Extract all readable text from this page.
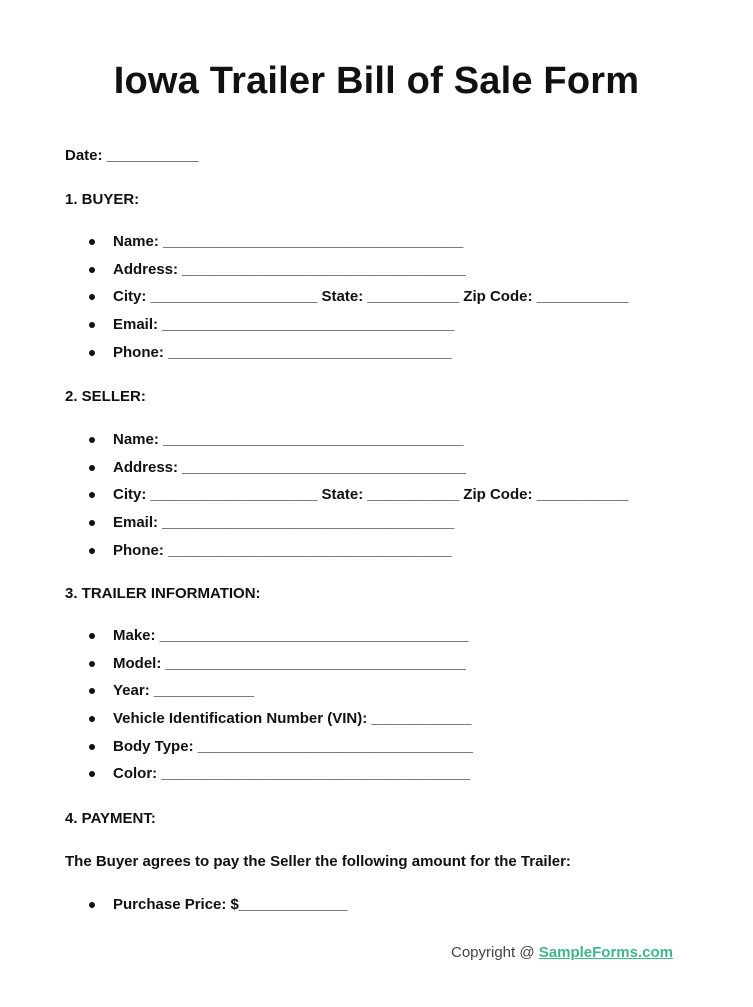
Iowa Trailer Bill of Sale Form
Date: ___________
1. BUYER:
Name: ____________________________________
Address: __________________________________
City: ____________________ State: ___________ Zip Code: ___________
Email: ___________________________________
Phone: __________________________________
2. SELLER:
Name: ____________________________________
Address: __________________________________
City: ____________________ State: ___________ Zip Code: ___________
Email: ___________________________________
Phone: __________________________________
3. TRAILER INFORMATION:
Make: _____________________________________
Model: ____________________________________
Year: ____________
Vehicle Identification Number (VIN): ____________
Body Type: _________________________________
Color: _____________________________________
4. PAYMENT:
The Buyer agrees to pay the Seller the following amount for the Trailer:
Purchase Price: $_____________
Copyright @ SampleForms.com
